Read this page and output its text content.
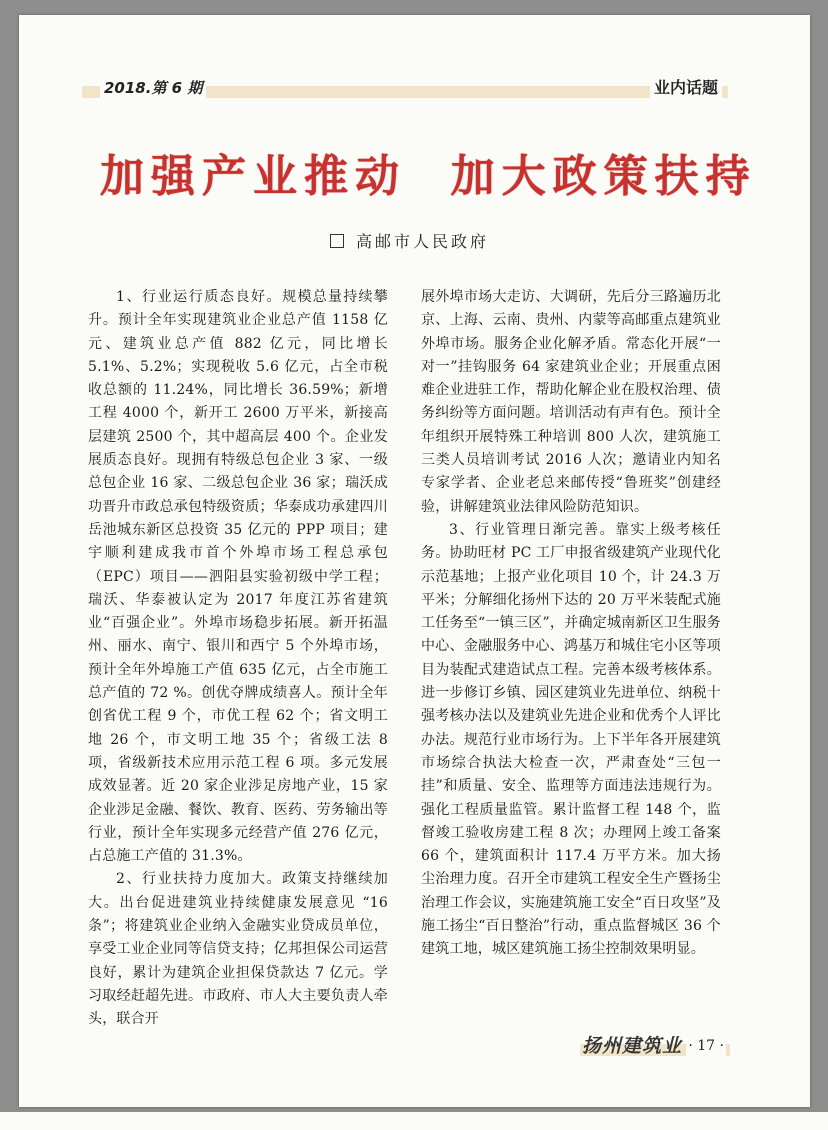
2018.第 6 期	业内话题
加强产业推动  加大政策扶持
高邮市人民政府

1、行业运行质态良好。规模总量持续攀升。预计全年实现建筑业企业总产值 1158 亿元、建筑业总产值 882 亿元，同比增长 5.1%、5.2%；实现税收 5.6 亿元，占全市税收总额的 11.24%，同比增长 36.59%；新增工程 4000 个，新开工 2600 万平米，新接高层建筑 2500 个，其中超高层 400 个。企业发展质态良好。现拥有特级总包企业 3 家、一级总包企业 16 家、二级总包企业 36 家；瑞沃成功晋升市政总承包特级资质；华泰成功承建四川岳池城东新区总投资 35 亿元的 PPP 项目；建宇顺利建成我市首个外埠市场工程总承包（EPC）项目——泗阳县实验初级中学工程；瑞沃、华泰被认定为 2017 年度江苏省建筑业“百强企业”。外埠市场稳步拓展。新开拓温州、丽水、南宁、银川和西宁 5 个外埠市场，预计全年外埠施工产值 635 亿元，占全市施工总产值的 72 %。创优夺牌成绩喜人。预计全年创省优工程 9 个，市优工程 62 个；省文明工地 26 个，市文明工地 35 个；省级工法 8 项，省级新技术应用示范工程 6 项。多元发展成效显著。近 20 家企业涉足房地产业，15 家企业涉足金融、餐饮、教育、医药、劳务输出等行业，预计全年实现多元经营产值 276 亿元，占总施工产值的 31.3%。

2、行业扶持力度加大。政策支持继续加大。出台促进建筑业持续健康发展意见 “16 条”；将建筑业企业纳入金融实业贷成员单位，享受工业企业同等信贷支持；亿邦担保公司运营良好，累计为建筑企业担保贷款达 7 亿元。学习取经赶超先进。市政府、市人大主要负责人牵头，联合开

展外埠市场大走访、大调研，先后分三路遍历北京、上海、云南、贵州、内蒙等高邮重点建筑业外埠市场。服务企业化解矛盾。常态化开展“一对一”挂钩服务 64 家建筑业企业；开展重点困难企业进驻工作，帮助化解企业在股权治理、债务纠纷等方面问题。培训活动有声有色。预计全年组织开展特殊工种培训 800 人次，建筑施工三类人员培训考试 2016 人次；邀请业内知名专家学者、企业老总来邮传授“鲁班奖”创建经验，讲解建筑业法律风险防范知识。

3、行业管理日渐完善。靠实上级考核任务。协助旺材 PC 工厂申报省级建筑产业现代化示范基地；上报产业化项目 10 个，计 24.3 万平米；分解细化扬州下达的 20 万平米装配式施工任务至“一镇三区”，并确定城南新区卫生服务中心、金融服务中心、鸿基万和城住宅小区等项目为装配式建造试点工程。完善本级考核体系。进一步修订乡镇、园区建筑业先进单位、纳税十强考核办法以及建筑业先进企业和优秀个人评比办法。规范行业市场行为。上下半年各开展建筑市场综合执法大检查一次，严肃查处“三包一挂”和质量、安全、监理等方面违法违规行为。强化工程质量监管。累计监督工程 148 个，监督竣工验收房建工程 8 次；办理网上竣工备案 66 个，建筑面积计 117.4 万平方米。加大扬尘治理力度。召开全市建筑工程安全生产暨扬尘治理工作会议，实施建筑施工安全“百日攻坚”及施工扬尘“百日整治”行动，重点监督城区 36 个建筑工地，城区建筑施工扬尘控制效果明显。

扬州建筑业 · 17 ·
